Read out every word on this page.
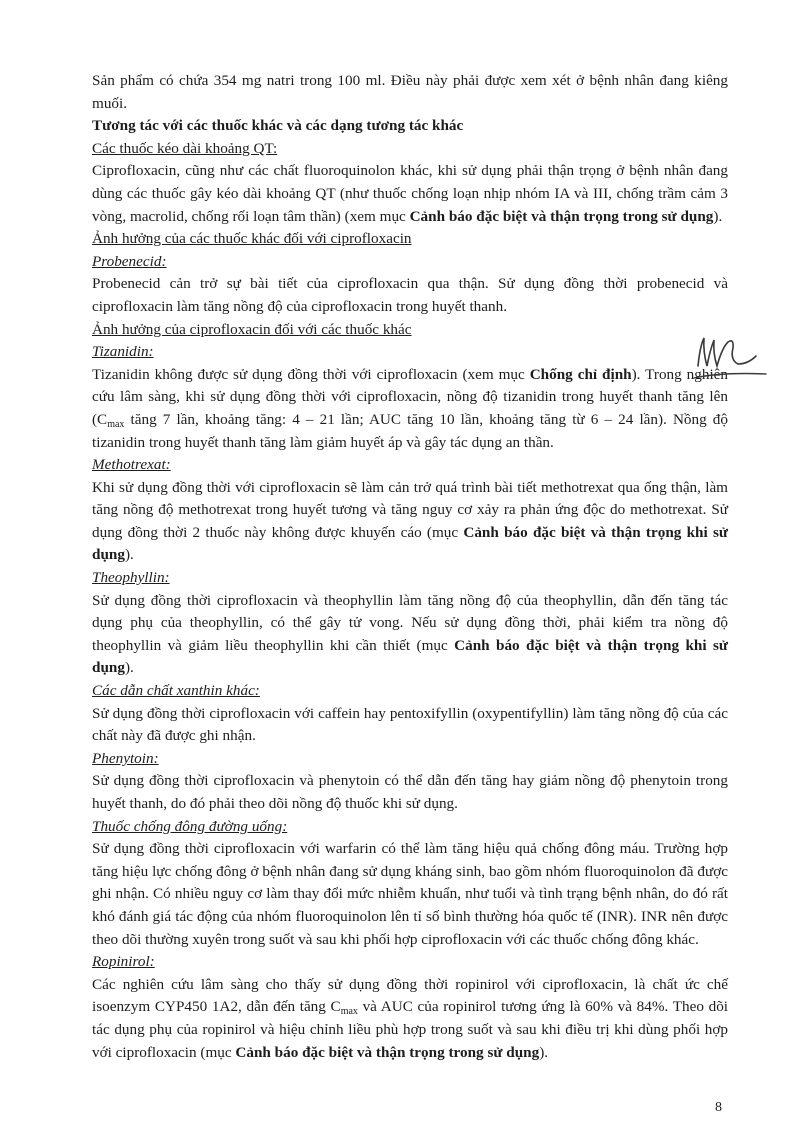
Sản phẩm có chứa 354 mg natri trong 100 ml. Điều này phải được xem xét ở bệnh nhân đang kiêng muối.

Tương tác với các thuốc khác và các dạng tương tác khác

Các thuốc kéo dài khoảng QT:

Ciprofloxacin, cũng như các chất fluoroquinolon khác, khi sử dụng phải thận trọng ở bệnh nhân đang dùng các thuốc gây kéo dài khoảng QT (như thuốc chống loạn nhịp nhóm IA và III, chống trầm cảm 3 vòng, macrolid, chống rối loạn tâm thần) (xem mục Cảnh báo đặc biệt và thận trọng trong sử dụng).

Ảnh hưởng của các thuốc khác đối với ciprofloxacin

Probenecid:

Probenecid cản trở sự bài tiết của ciprofloxacin qua thận. Sử dụng đồng thời probenecid và ciprofloxacin làm tăng nồng độ của ciprofloxacin trong huyết thanh.

Ảnh hưởng của ciprofloxacin đối với các thuốc khác

Tizanidin:

Tizanidin không được sử dụng đồng thời với ciprofloxacin (xem mục Chống chỉ định). Trong nghiên cứu lâm sàng, khi sử dụng đồng thời với ciprofloxacin, nồng độ tizanidin trong huyết thanh tăng lên ($C_{max}$ tăng 7 lần, khoảng tăng: 4 – 21 lần; AUC tăng 10 lần, khoảng tăng từ 6 – 24 lần). Nồng độ tizanidin trong huyết thanh tăng làm giảm huyết áp và gây tác dụng an thần.

Methotrexat:

Khi sử dụng đồng thời với ciprofloxacin sẽ làm cản trở quá trình bài tiết methotrexat qua ống thận, làm tăng nồng độ methotrexat trong huyết tương và tăng nguy cơ xảy ra phản ứng độc do methotrexat. Sử dụng đồng thời 2 thuốc này không được khuyến cáo (mục Cảnh báo đặc biệt và thận trọng khi sử dụng).

Theophyllin:

Sử dụng đồng thời ciprofloxacin và theophyllin làm tăng nồng độ của theophyllin, dẫn đến tăng tác dụng phụ của theophyllin, có thể gây tử vong. Nếu sử dụng đồng thời, phải kiểm tra nồng độ theophyllin và giảm liều theophyllin khi cần thiết (mục Cảnh báo đặc biệt và thận trọng khi sử dụng).

Các dẫn chất xanthin khác:

Sử dụng đồng thời ciprofloxacin với caffein hay pentoxifyllin (oxypentifyllin) làm tăng nồng độ của các chất này đã được ghi nhận.

Phenytoin:

Sử dụng đồng thời ciprofloxacin và phenytoin có thể dẫn đến tăng hay giảm nồng độ phenytoin trong huyết thanh, do đó phải theo dõi nồng độ thuốc khi sử dụng.

Thuốc chống đông đường uống:

Sử dụng đồng thời ciprofloxacin với warfarin có thể làm tăng hiệu quả chống đông máu. Trường hợp tăng hiệu lực chống đông ở bệnh nhân đang sử dụng kháng sinh, bao gồm nhóm fluoroquinolon đã được ghi nhận. Có nhiều nguy cơ làm thay đổi mức nhiễm khuẩn, như tuổi và tình trạng bệnh nhân, do đó rất khó đánh giá tác động của nhóm fluoroquinolon lên tỉ số bình thường hóa quốc tế (INR). INR nên được theo dõi thường xuyên trong suốt và sau khi phối hợp ciprofloxacin với các thuốc chống đông khác.

Ropinirol:

Các nghiên cứu lâm sàng cho thấy sử dụng đồng thời ropinirol với ciprofloxacin, là chất ức chế isoenzym CYP450 1A2, dẫn đến tăng $C_{max}$ và AUC của ropinirol tương ứng là 60% và 84%. Theo dõi tác dụng phụ của ropinirol và hiệu chỉnh liều phù hợp trong suốt và sau khi điều trị khi dùng phối hợp với ciprofloxacin (mục Cảnh báo đặc biệt và thận trọng trong sử dụng).

8
